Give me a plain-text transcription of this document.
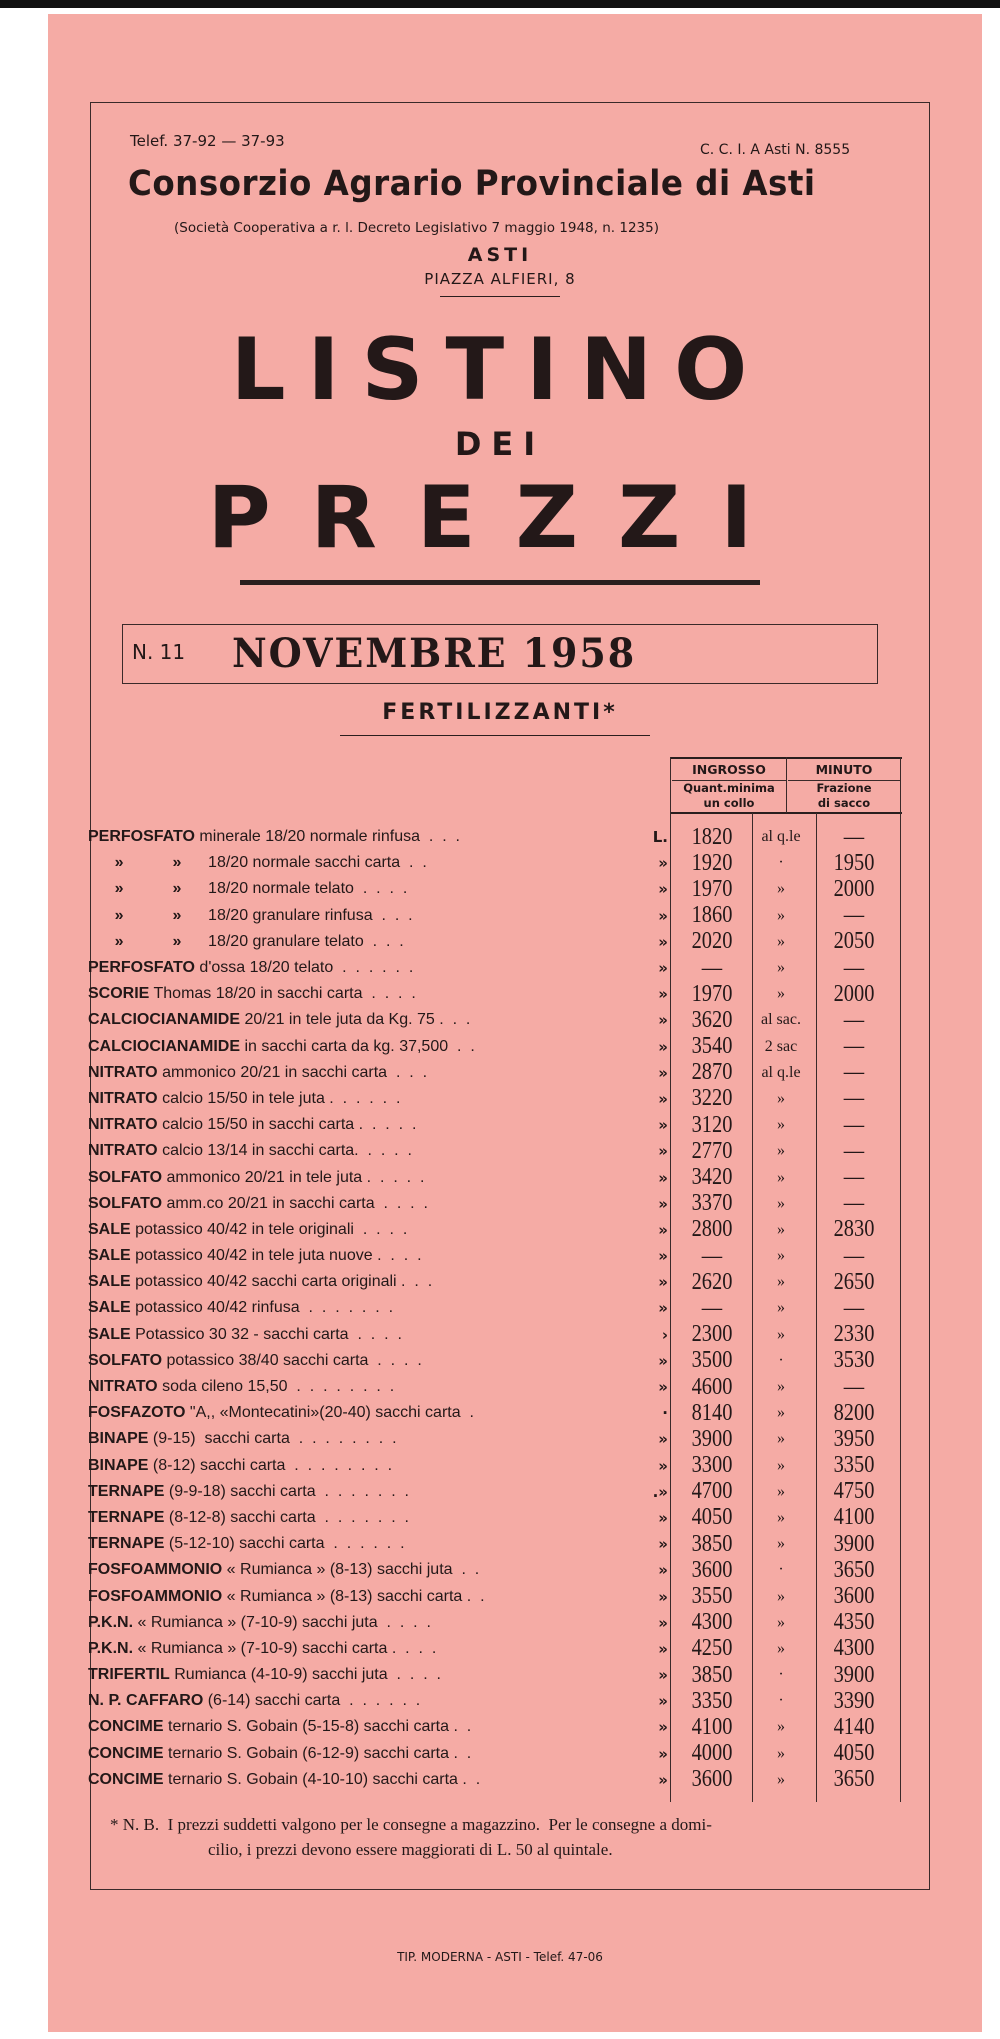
Telef. 37-92 — 37-93	C. C. I. A Asti N. 8555
Consorzio Agrario Provinciale di Asti
(Società Cooperativa a r. l. Decreto Legislativo 7 maggio 1948, n. 1235)
ASTI
PIAZZA ALFIERI, 8
LISTINO
DEI
PREZZI
N. 11 NOVEMBRE 1958
FERTILIZZANTI*
INGROSSO
Quant.minima
un collo
MINUTO
Frazione
di sacco
PERFOSFATO minerale 18/20 normale rinfusa  .  .  .	L. 1820	al q.le	—
»           »      18/20 normale sacchi carta  .  .	» 1920	·	1950
»           »      18/20 normale telato  .  .  .  .	» 1970	»	2000
»           »      18/20 granulare rinfusa  .  .  .	» 1860	»	—
»           »      18/20 granulare telato  .  .  .	» 2020	»	2050
PERFOSFATO d'ossa 18/20 telato  .  .  .  .  .  .	»	—	»	—
SCORIE Thomas 18/20 in sacchi carta  .  .  .  .	» 1970	»	2000
CALCIOCIANAMIDE 20/21 in tele juta da Kg. 75 .  .  .	» 3620	al sac.	—
CALCIOCIANAMIDE in sacchi carta da kg. 37,500  .  .	» 3540	2 sac	—
NITRATO ammonico 20/21 in sacchi carta  .  .  .	» 2870	al q.le	—
NITRATO calcio 15/50 in tele juta .  .  .  .  .  .	» 3220	»	—
NITRATO calcio 15/50 in sacchi carta .  .  .  .  .	» 3120	»	—
NITRATO calcio 13/14 in sacchi carta.  .  .  .  .	» 2770	»	—
SOLFATO ammonico 20/21 in tele juta .  .  .  .  .	» 3420	»	—
SOLFATO amm.co 20/21 in sacchi carta  .  .  .  .	» 3370	»	—
SALE potassico 40/42 in tele originali  .  .  .  .	» 2800	»	2830
SALE potassico 40/42 in tele juta nuove .  .  .  .	»	—	»	—
SALE potassico 40/42 sacchi carta originali .  .  .	» 2620	»	2650
SALE potassico 40/42 rinfusa  .  .  .  .  .  .  .	»	—	»	—
SALE Potassico 30 32 - sacchi carta  .  .  .  .	› 2300	»	2330
SOLFATO potassico 38/40 sacchi carta  .  .  .  .	» 3500	·	3530
NITRATO soda cileno 15,50  .  .  .  .  .  .  .  .	» 4600	»	—
FOSFAZOTO "A,, «Montecatini»(20-40) sacchi carta  .	· 8140	»	8200
BINAPE (9-15)  sacchi carta  .  .  .  .  .  .  .  .	» 3900	»	3950
BINAPE (8-12) sacchi carta  .  .  .  .  .  .  .  .	» 3300	»	3350
TERNAPE (9-9-18) sacchi carta  .  .  .  .  .  .  .	.» 4700	»	4750
TERNAPE (8-12-8) sacchi carta  .  .  .  .  .  .  .	» 4050	»	4100
TERNAPE (5-12-10) sacchi carta  .  .  .  .  .  .	» 3850	»	3900
FOSFOAMMONIO « Rumianca » (8-13) sacchi juta  .  .	» 3600	·	3650
FOSFOAMMONIO « Rumianca » (8-13) sacchi carta .  .	» 3550	»	3600
P.K.N. « Rumianca » (7-10-9) sacchi juta  .  .  .  .	» 4300	»	4350
P.K.N. « Rumianca » (7-10-9) sacchi carta .  .  .  .	» 4250	»	4300
TRIFERTIL Rumianca (4-10-9) sacchi juta  .  .  .  .	» 3850	·	3900
N. P. CAFFARO (6-14) sacchi carta  .  .  .  .  .  .	» 3350	·	3390
CONCIME ternario S. Gobain (5-15-8) sacchi carta .  .	» 4100	»	4140
CONCIME ternario S. Gobain (6-12-9) sacchi carta .  .	» 4000	»	4050
CONCIME ternario S. Gobain (4-10-10) sacchi carta .  .	» 3600	»	3650
* N. B.  I prezzi suddetti valgono per le consegne a magazzino.  Per le consegne a domi-
cilio, i prezzi devono essere maggiorati di L. 50 al quintale.
TIP. MODERNA - ASTI - Telef. 47-06
